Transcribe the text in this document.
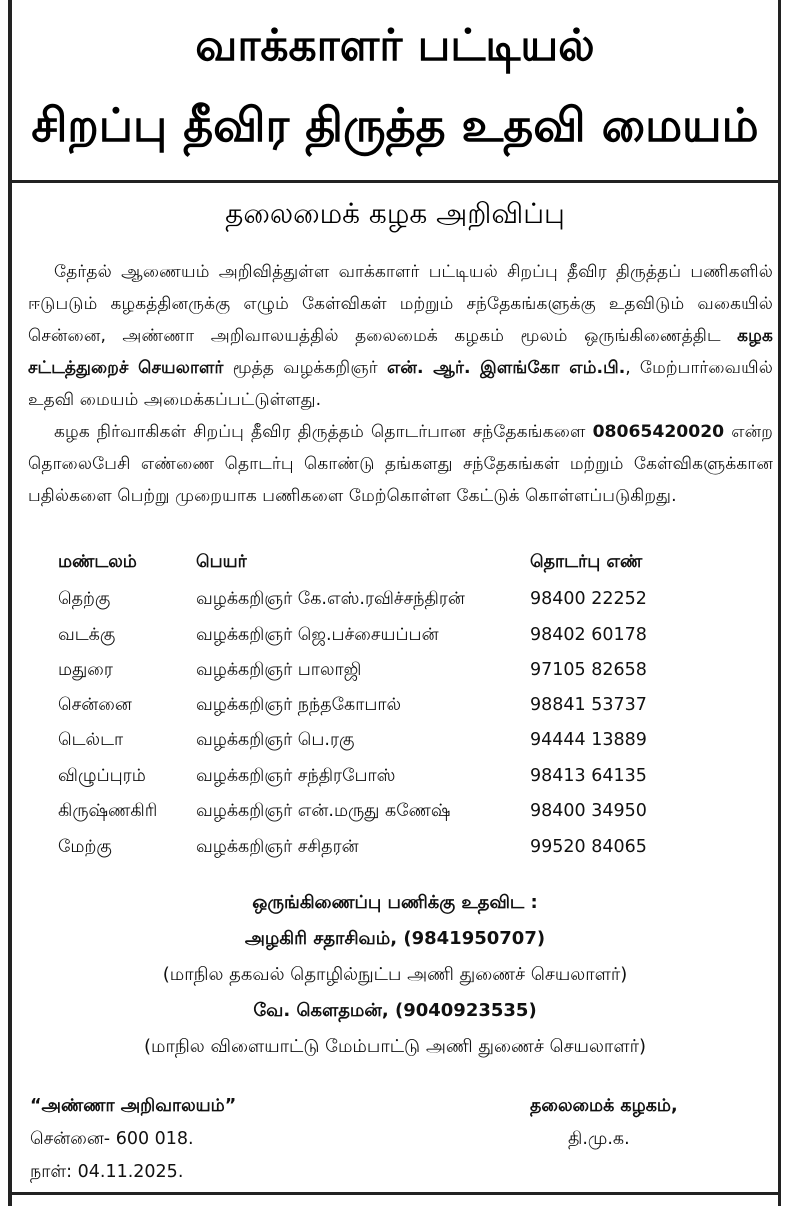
வாக்காளர் பட்டியல்
சிறப்பு தீவிர திருத்த உதவி மையம்
தலைமைக் கழக அறிவிப்பு
தேர்தல் ஆணையம் அறிவித்துள்ள வாக்காளர் பட்டியல் சிறப்பு தீவிர திருத்தப் பணிகளில் ஈடுபடும் கழகத்தினருக்கு எழும் கேள்விகள் மற்றும் சந்தேகங்களுக்கு உதவிடும் வகையில் சென்னை, அண்ணா அறிவாலயத்தில் தலைமைக் கழகம் மூலம் ஒருங்கிணைத்திட கழக சட்டத்துறைச் செயலாளர் மூத்த வழக்கறிஞர் என். ஆர். இளங்கோ எம்.பி., மேற்பார்வையில் உதவி மையம் அமைக்கப்பட்டுள்ளது.
கழக நிர்வாகிகள் சிறப்பு தீவிர திருத்தம் தொடர்பான சந்தேகங்களை 08065420020 என்ற தொலைபேசி எண்ணை தொடர்பு கொண்டு தங்களது சந்தேகங்கள் மற்றும் கேள்விகளுக்கான பதில்களை பெற்று முறையாக பணிகளை மேற்கொள்ள கேட்டுக் கொள்ளப்படுகிறது.
மண்டலம்	பெயர்	தொடர்பு எண்
தெற்கு	வழக்கறிஞர் கே.எஸ்.ரவிச்சந்திரன்	98400 22252
வடக்கு	வழக்கறிஞர் ஜெ.பச்சையப்பன்	98402 60178
மதுரை	வழக்கறிஞர் பாலாஜி	97105 82658
சென்னை	வழக்கறிஞர் நந்தகோபால்	98841 53737
டெல்டா	வழக்கறிஞர் பெ.ரகு	94444 13889
விழுப்புரம்	வழக்கறிஞர் சந்திரபோஸ்	98413 64135
கிருஷ்ணகிரி வழக்கறிஞர் என்.மருது கணேஷ்	98400 34950
மேற்கு	வழக்கறிஞர் சசிதரன்	99520 84065
ஒருங்கிணைப்பு பணிக்கு உதவிட :
அழகிரி சதாசிவம், (9841950707)
(மாநில தகவல் தொழில்நுட்ப அணி துணைச் செயலாளர்)
வே. கௌதமன், (9040923535)
(மாநில விளையாட்டு மேம்பாட்டு அணி துணைச் செயலாளர்)
“அண்ணா அறிவாலயம்”
சென்னை- 600 018.
நாள்: 04.11.2025.
தலைமைக் கழகம்,
தி.மு.க.
